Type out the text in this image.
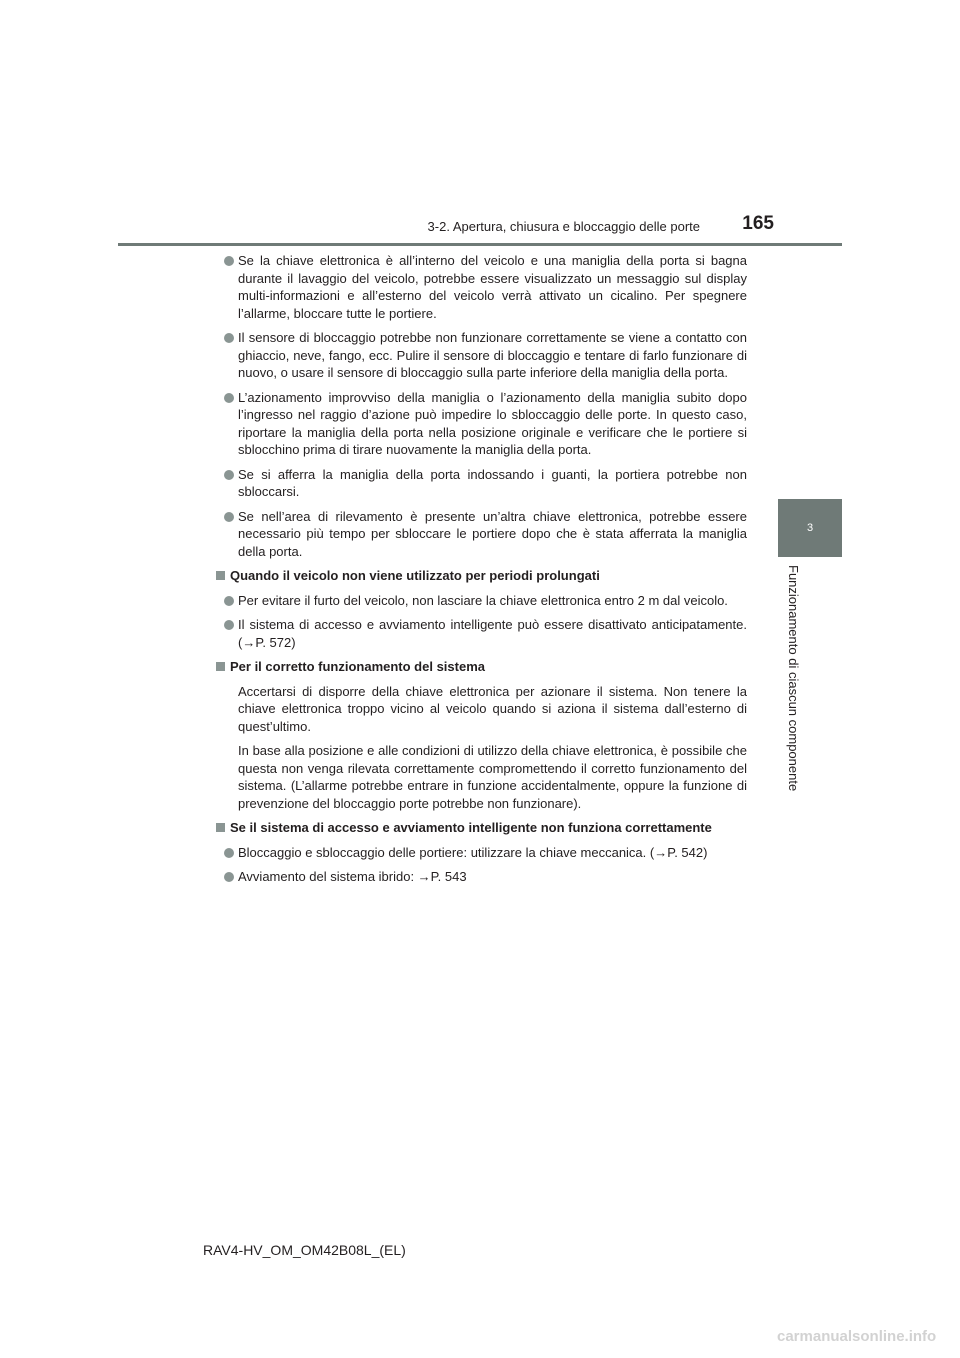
3-2. Apertura, chiusura e bloccaggio delle porte	165
3
Funzionamento di ciascun componente
Se la chiave elettronica è all’interno del veicolo e una maniglia della porta si bagna durante il lavaggio del veicolo, potrebbe essere visualizzato un messaggio sul display multi-informazioni e all’esterno del veicolo verrà attivato un cicalino. Per spegnere l’allarme, bloccare tutte le portiere.
Il sensore di bloccaggio potrebbe non funzionare correttamente se viene a contatto con ghiaccio, neve, fango, ecc. Pulire il sensore di bloccaggio e tentare di farlo funzionare di nuovo, o usare il sensore di bloccaggio sulla parte inferiore della maniglia della porta.
L’azionamento improvviso della maniglia o l’azionamento della maniglia subito dopo l’ingresso nel raggio d’azione può impedire lo sbloccaggio delle porte. In questo caso, riportare la maniglia della porta nella posizione originale e verificare che le portiere si sblocchino prima di tirare nuovamente la maniglia della porta.
Se si afferra la maniglia della porta indossando i guanti, la portiera potrebbe non sbloccarsi.
Se nell’area di rilevamento è presente un’altra chiave elettronica, potrebbe essere necessario più tempo per sbloccare le portiere dopo che è stata afferrata la maniglia della porta.
Quando il veicolo non viene utilizzato per periodi prolungati
Per evitare il furto del veicolo, non lasciare la chiave elettronica entro 2 m dal veicolo.
Il sistema di accesso e avviamento intelligente può essere disattivato anticipatamente. (→P. 572)
Per il corretto funzionamento del sistema
Accertarsi di disporre della chiave elettronica per azionare il sistema. Non tenere la chiave elettronica troppo vicino al veicolo quando si aziona il sistema dall’esterno di quest’ultimo.
In base alla posizione e alle condizioni di utilizzo della chiave elettronica, è possibile che questa non venga rilevata correttamente compromettendo il corretto funzionamento del sistema. (L’allarme potrebbe entrare in funzione accidentalmente, oppure la funzione di prevenzione del bloccaggio porte potrebbe non funzionare).
Se il sistema di accesso e avviamento intelligente non funziona correttamente
Bloccaggio e sbloccaggio delle portiere: utilizzare la chiave meccanica. (→P. 542)
Avviamento del sistema ibrido: →P. 543
RAV4-HV_OM_OM42B08L_(EL)
carmanualsonline.info
